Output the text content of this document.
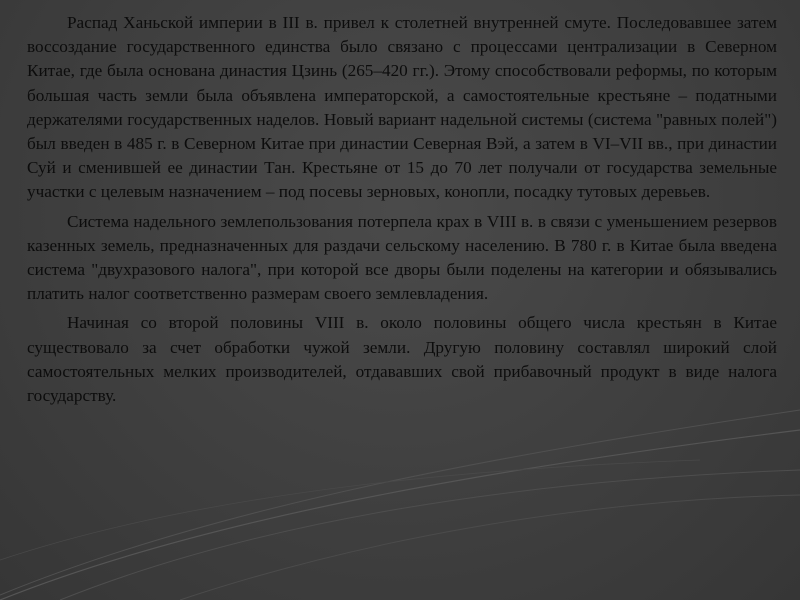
Распад Ханьской империи в III в. привел к столетней внутренней смуте. Последовавшее затем воссоздание государственного единства было связано с процессами централизации в Северном Китае, где была основана династия Цзинь (265–420 гг.). Этому способствовали реформы, по которым большая часть земли была объявлена императорской, а самостоятельные крестьяне – податными держателями государственных наделов. Новый вариант надельной системы (система "равных полей") был введен в 485 г. в Северном Китае при династии Северная Вэй, а затем в VI–VII вв., при династии Суй и сменившей ее династии Тан. Крестьяне от 15 до 70 лет получали от государства земельные участки с целевым назначением – под посевы зерновых, конопли, посадку тутовых деревьев.

Система надельного землепользования потерпела крах в VIII в. в связи с уменьшением резервов казенных земель, предназначенных для раздачи сельскому населению. В 780 г. в Китае была введена система "двухразового налога", при которой все дворы были поделены на категории и обязывались платить налог соответственно размерам своего землевладения.

Начиная со второй половины VIII в. около половины общего числа крестьян в Китае существовало за счет обработки чужой земли. Другую половину составлял широкий слой самостоятельных мелких производителей, отдававших свой прибавочный продукт в виде налога государству.
